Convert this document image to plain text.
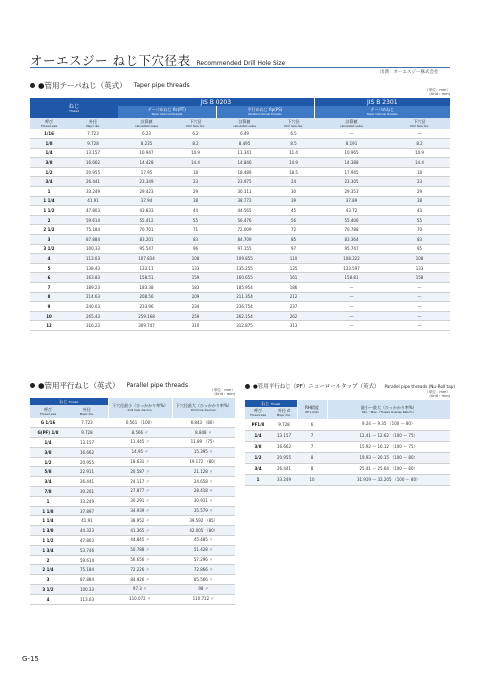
オーエスジー ねじ下穴径表 Recommended Drill Hole Size
出典：オーエスジー株式会社
●管用テーパねじ（英式） Taper pipe threads
（単位：mm）
(Unit : mm)
ねじ
Thread		JIS B 0203				JIS B 2301	
		テーパめねじ Rc(PT)
Taper internal threads		平行めねじ Rp(PS)
Parallel internal threads		テーパめねじ
Taper internal threads	

呼び
Thread size	外径
Major dia.	計算値
calculated value	下穴径
Drill hole dia.	計算値
calculated value	下穴径
Drill hole dia.	計算値
calculated value	下穴径
Drill hole dia.

1/16	7.723	6.23	6.2	6.49	6.5	—	—
1/8	9.728	8.235	8.2	8.495	8.5	8.191	8.2
1/4	13.157	10.947	10.9	11.341	11.4	10.965	10.9
3/8	16.662	14.428	14.4	14.846	14.9	14.388	14.4
1/2	20.955	17.95	18	18.489	18.5	17.945	18
3/4	26.441	23.349	23	23.975	24	23.305	23
1	33.249	29.423	29	30.111	30	29.353	29
1 1/4	41.91	37.94	38	38.772	39	37.89	38
1 1/2	47.803	43.833	44	44.565	45	43.72	43
2	59.614	55.412	55	56.476	56	55.406	55
2 1/2	75.184	70.701	71	72.009	72	70.788	70
3	87.884	83.201	83	84.709	85	83.364	83
3 1/2	100.33	95.547	96	97.155	97	95.747	95
4	113.03	107.834	108	109.855	110	108.322	108
5	138.43	133.11	133	135.255	135	133.597	133
6	163.83	158.51	159	160.655	161	158.81	158
7	189.23	183.38	183	185.954	186	—	—
8	214.63	208.56	209	211.354	212	—	—
9	240.03	233.96	234	236.754	237	—	—
10	265.43	259.168	259	262.154	262	—	—
12	316.23	309.747	310	312.875	313	—	—
●管用平行ねじ（英式） Parallel pipe threads
（単位：mm）
(Unit : mm)
ねじ Thread		下穴径最小（ひっかかり率%）
Drill hole dia.min.	下穴径最大（ひっかかり率%）
Drill hole dia.max.

呼び
Thread size	外径
Major dia.		

G 1/16	7.723	6.561 （100）	6.843 （80）
G(PF) 1/8	9.728	8.566 〃	8.848 〃
1/4	13.157	11.445 〃	11.89 （75）
3/8	16.662	14.95 〃	15.395 〃
1/2	20.955	18.631 〃	19.172 （80）
5/8	22.911	20.587 〃	21.128 〃
3/4	26.441	24.117 〃	24.658 〃
7/8	30.201	27.877 〃	28.418 〃
1	33.249	30.291 〃	30.931 〃
1 1/8	37.897	34.939 〃	35.579 〃
1 1/4	41.91	38.952 〃	39.592 （85）
1 3/8	44.323	41.365 〃	42.005 （80）
1 1/2	47.803	44.845 〃	45.485 〃
1 3/4	53.746	50.788 〃	51.428 〃
2	59.614	56.656 〃	57.296 〃
2 1/4	75.184	72.226 〃	72.866 〃
3	87.884	84.926 〃	85.566 〃
3 1/2	100.33	97.3 〃	98 〃
4	113.03	110.072 〃	110.712 〃
●管用平行ねじ（PF）ニューロールタップ（英式） Parallel pipe threads (Nu-Roll tap)
（単位：mm）
(Unit : mm)
ねじ Thread		RH精度
RH Limits	最小〜最大（ひっかかり率%）
Min.〜Max.（Thread Overlap Ratio%）

呼び
Thread size	外径 d
Major dia.		

PF1/8	9.728	6	9.24 〜 9.35 （100 〜 80）
1/4	13.157	7	12.41 〜 12.62 （100 〜 75）
3/8	16.662	7	15.92 〜 16.12 （100 〜 75）
1/2	20.955	8	19.93 〜 20.15 （100 〜 80）
3/4	26.441	8	25.41 〜 25.64 （100 〜 80）
1	33.249	10	31.919 〜 32.205 （100 〜 80）
G-15
